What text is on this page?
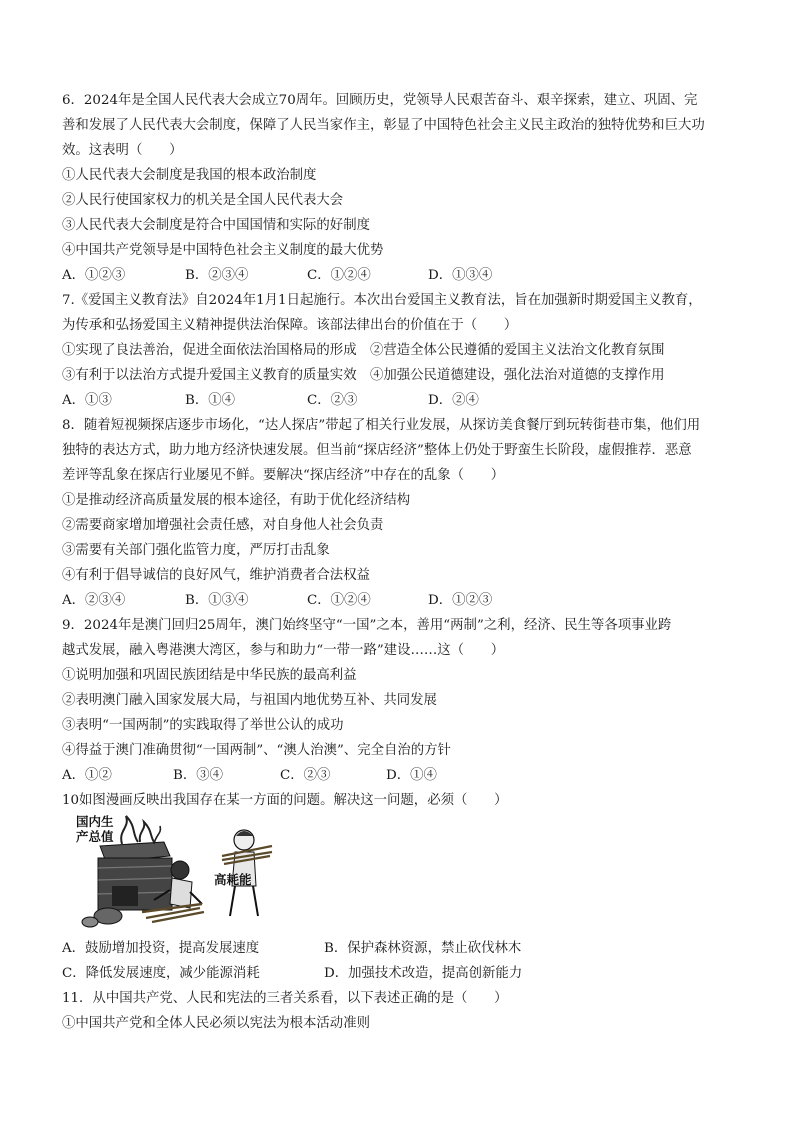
6．2024年是全国人民代表大会成立70周年。回顾历史，党领导人民艰苦奋斗、艰辛探索，建立、巩固、完
善和发展了人民代表大会制度，保障了人民当家作主，彰显了中国特色社会主义民主政治的独特优势和巨大功
效。这表明（　　）
①人民代表大会制度是我国的根本政治制度
②人民行使国家权力的机关是全国人民代表大会
③人民代表大会制度是符合中国国情和实际的好制度
④中国共产党领导是中国特色社会主义制度的最大优势
A．①②③	B．②③④	C．①②④	D．①③④
7.《爱国主义教育法》自2024年1月1日起施行。本次出台爱国主义教育法，旨在加强新时期爱国主义教育，
为传承和弘扬爱国主义精神提供法治保障。该部法律出台的价值在于（　　）
①实现了良法善治，促进全面依法治国格局的形成　②营造全体公民遵循的爱国主义法治文化教育氛围
③有利于以法治方式提升爱国主义教育的质量实效　④加强公民道德建设，强化法治对道德的支撑作用
A．①③	B．①④	C．②③	D．②④
8．随着短视频探店逐步市场化，“达人探店”带起了相关行业发展，从探访美食餐厅到玩转街巷市集，他们用
独特的表达方式，助力地方经济快速发展。但当前“探店经济”整体上仍处于野蛮生长阶段，虚假推荐．恶意
差评等乱象在探店行业屡见不鲜。要解决“探店经济”中存在的乱象（　　）
①是推动经济高质量发展的根本途径，有助于优化经济结构
②需要商家增加增强社会责任感，对自身他人社会负责
③需要有关部门强化监管力度，严厉打击乱象
④有利于倡导诚信的良好风气，维护消费者合法权益
A．②③④	B．①③④	C．①②④	D．①②③
9．2024年是澳门回归25周年，澳门始终坚守“一国”之本，善用“两制”之利，经济、民生等各项事业跨
越式发展，融入粤港澳大湾区，参与和助力“一带一路”建设……这（　　）
①说明加强和巩固民族团结是中华民族的最高利益
②表明澳门融入国家发展大局，与祖国内地优势互补、共同发展
③表明“一国两制”的实践取得了举世公认的成功
④得益于澳门准确贯彻“一国两制”、“澳人治澳”、完全自治的方针
A．①②	B．③④	C．②③	D．①④
10如图漫画反映出我国存在某一方面的问题。解决这一问题，必须（　　）
国内生
产总值
高耗能
A．鼓励增加投资，提高发展速度	B．保护森林资源，禁止砍伐林木
C．降低发展速度，减少能源消耗	D．加强技术改造，提高创新能力
11．从中国共产党、人民和宪法的三者关系看，以下表述正确的是（　　）
①中国共产党和全体人民必须以宪法为根本活动准则
